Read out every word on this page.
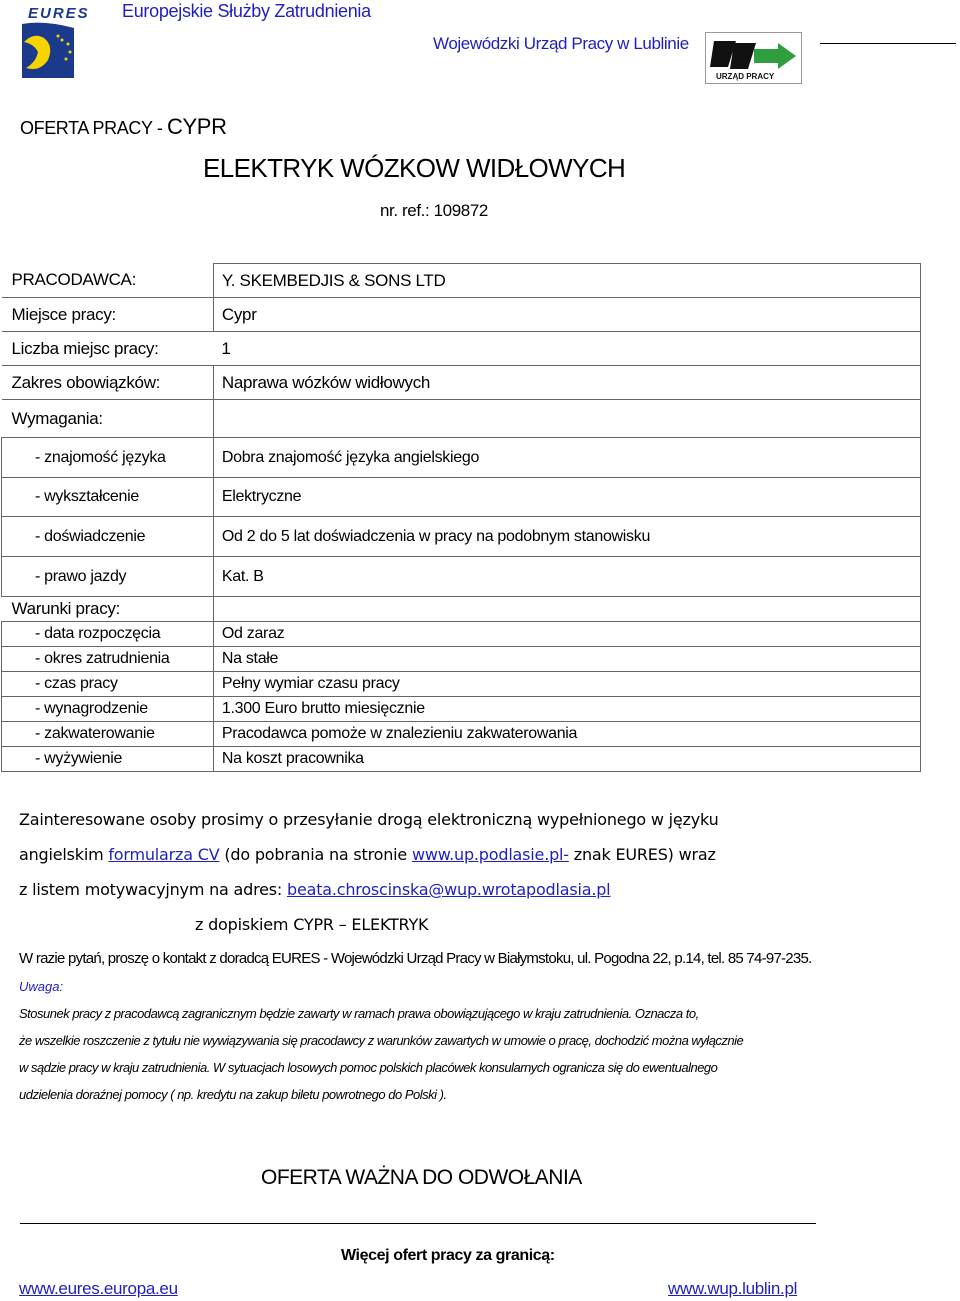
EURES Europejskie Służby Zatrudnienia
Wojewódzki Urząd Pracy w Lublinie
URZĄD PRACY
OFERTA PRACY - CYPR
ELEKTRYK WÓZKOW WIDŁOWYCH
nr. ref.: 109872
PRACODAWCA:	Y. SKEMBEDJIS & SONS LTD
Miejsce pracy:	Cypr
Liczba miejsc pracy:	1
Zakres obowiązków:	Naprawa wózków widłowych
Wymagania:	
- znajomość języka	Dobra znajomość języka angielskiego
- wykształcenie	Elektryczne
- doświadczenie	Od 2 do 5 lat doświadczenia w pracy na podobnym stanowisku
- prawo jazdy	Kat. B
Warunki pracy:	
- data rozpoczęcia	Od zaraz
- okres zatrudnienia	Na stałe
- czas pracy	Pełny wymiar czasu pracy
- wynagrodzenie	1.300 Euro brutto miesięcznie
- zakwaterowanie	Pracodawca pomoże w znalezieniu zakwaterowania
- wyżywienie	Na koszt pracownika
Zainteresowane osoby prosimy o przesyłanie drogą elektroniczną wypełnionego w języku
angielskim formularza CV (do pobrania na stronie www.up.podlasie.pl- znak EURES) wraz
z listem motywacyjnym na adres: beata.chroscinska@wup.wrotapodlasia.pl
z dopiskiem CYPR – ELEKTRYK
W razie pytań, proszę o kontakt z doradcą EURES - Wojewódzki Urząd Pracy w Białymstoku, ul. Pogodna 22, p.14, tel. 85 74-97-235.
Uwaga:
Stosunek pracy z pracodawcą zagranicznym będzie zawarty w ramach prawa obowiązującego w kraju zatrudnienia. Oznacza to,
że wszelkie roszczenie z tytułu nie wywiązywania się pracodawcy z warunków zawartych w umowie o pracę, dochodzić można wyłącznie
w sądzie pracy w kraju zatrudnienia. W sytuacjach losowych pomoc polskich placówek konsularnych ogranicza się do ewentualnego
udzielenia doraźnej pomocy ( np. kredytu na zakup biletu powrotnego do Polski ).
OFERTA WAŻNA DO ODWOŁANIA
Więcej ofert pracy za granicą:
www.eures.europa.eu	www.wup.lublin.pl
